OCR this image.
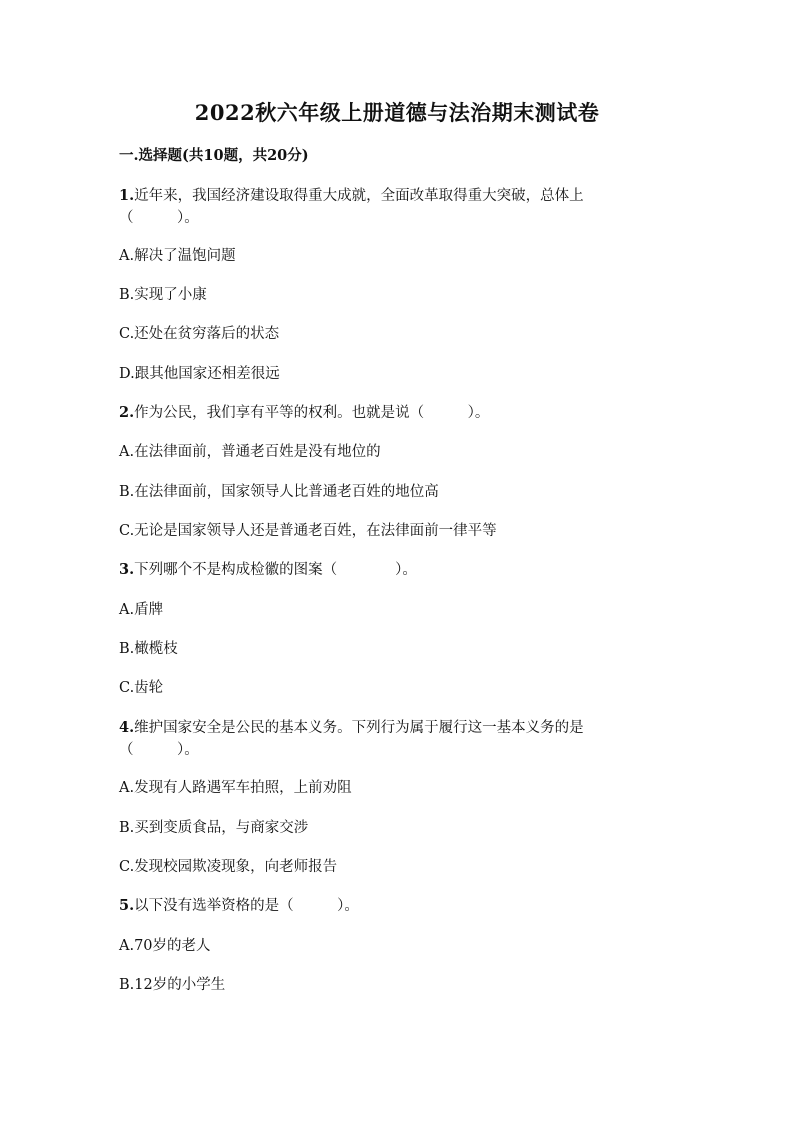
2022秋六年级上册道德与法治期末测试卷
一.选择题(共10题，共20分)
1.近年来，我国经济建设取得重大成就，全面改革取得重大突破，总体上
（　　　）。
A.解决了温饱问题
B.实现了小康
C.还处在贫穷落后的状态
D.跟其他国家还相差很远
2.作为公民，我们享有平等的权利。也就是说（　　　）。
A.在法律面前，普通老百姓是没有地位的
B.在法律面前，国家领导人比普通老百姓的地位高
C.无论是国家领导人还是普通老百姓，在法律面前一律平等
3.下列哪个不是构成检徽的图案（　　　　）。
A.盾牌
B.橄榄枝
C.齿轮
4.维护国家安全是公民的基本义务。下列行为属于履行这一基本义务的是
（　　　）。
A.发现有人路遇军车拍照，上前劝阻
B.买到变质食品，与商家交涉
C.发现校园欺凌现象，向老师报告
5.以下没有选举资格的是（　　　）。
A.70岁的老人
B.12岁的小学生
